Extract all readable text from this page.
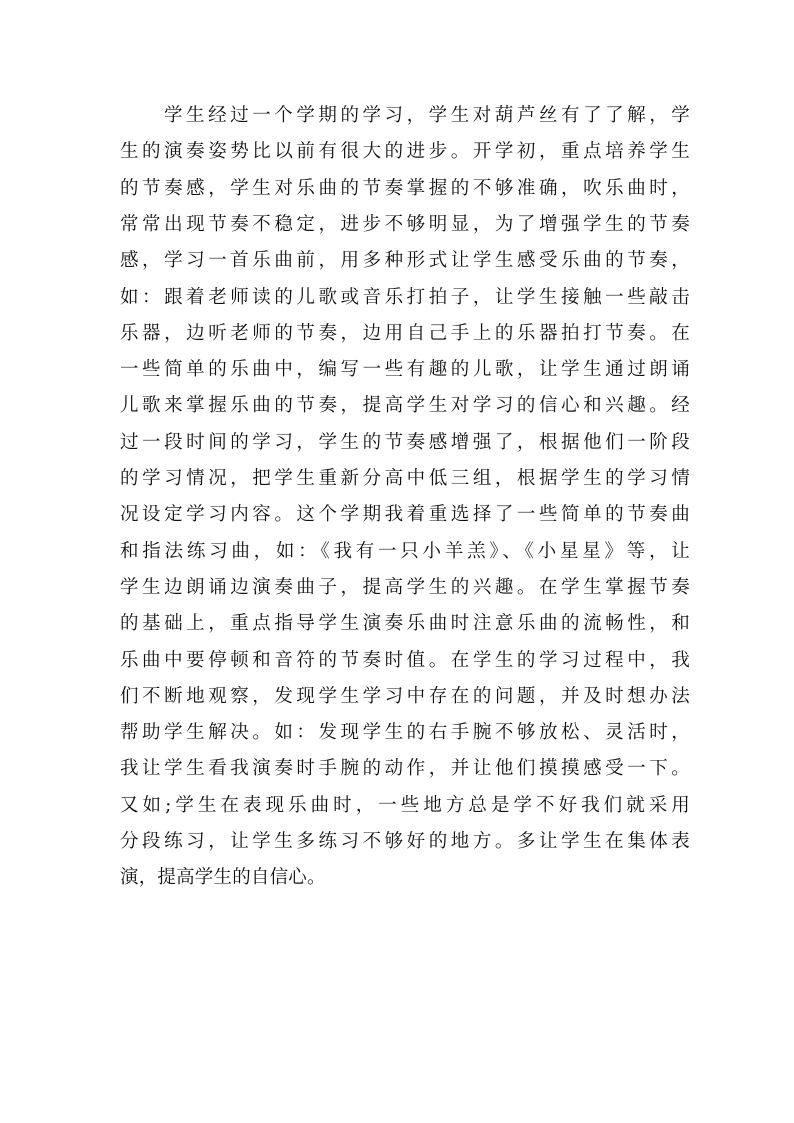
学生经过一个学期的学习，学生对葫芦丝有了了解，学
生的演奏姿势比以前有很大的进步。开学初，重点培养学生
的节奏感，学生对乐曲的节奏掌握的不够准确，吹乐曲时，
常常出现节奏不稳定，进步不够明显，为了增强学生的节奏
感，学习一首乐曲前，用多种形式让学生感受乐曲的节奏，
如：跟着老师读的儿歌或音乐打拍子，让学生接触一些敲击
乐器，边听老师的节奏，边用自己手上的乐器拍打节奏。在
一些简单的乐曲中，编写一些有趣的儿歌，让学生通过朗诵
儿歌来掌握乐曲的节奏，提高学生对学习的信心和兴趣。经
过一段时间的学习，学生的节奏感增强了，根据他们一阶段
的学习情况，把学生重新分高中低三组，根据学生的学习情
况设定学习内容。这个学期我着重选择了一些简单的节奏曲
和指法练习曲，如：《我有一只小羊羔》、《小星星》等，让
学生边朗诵边演奏曲子，提高学生的兴趣。在学生掌握节奏
的基础上，重点指导学生演奏乐曲时注意乐曲的流畅性，和
乐曲中要停顿和音符的节奏时值。在学生的学习过程中，我
们不断地观察，发现学生学习中存在的问题，并及时想办法
帮助学生解决。如：发现学生的右手腕不够放松、灵活时，
我让学生看我演奏时手腕的动作，并让他们摸摸感受一下。
又如;学生在表现乐曲时，一些地方总是学不好我们就采用
分段练习，让学生多练习不够好的地方。多让学生在集体表
演，提高学生的自信心。
